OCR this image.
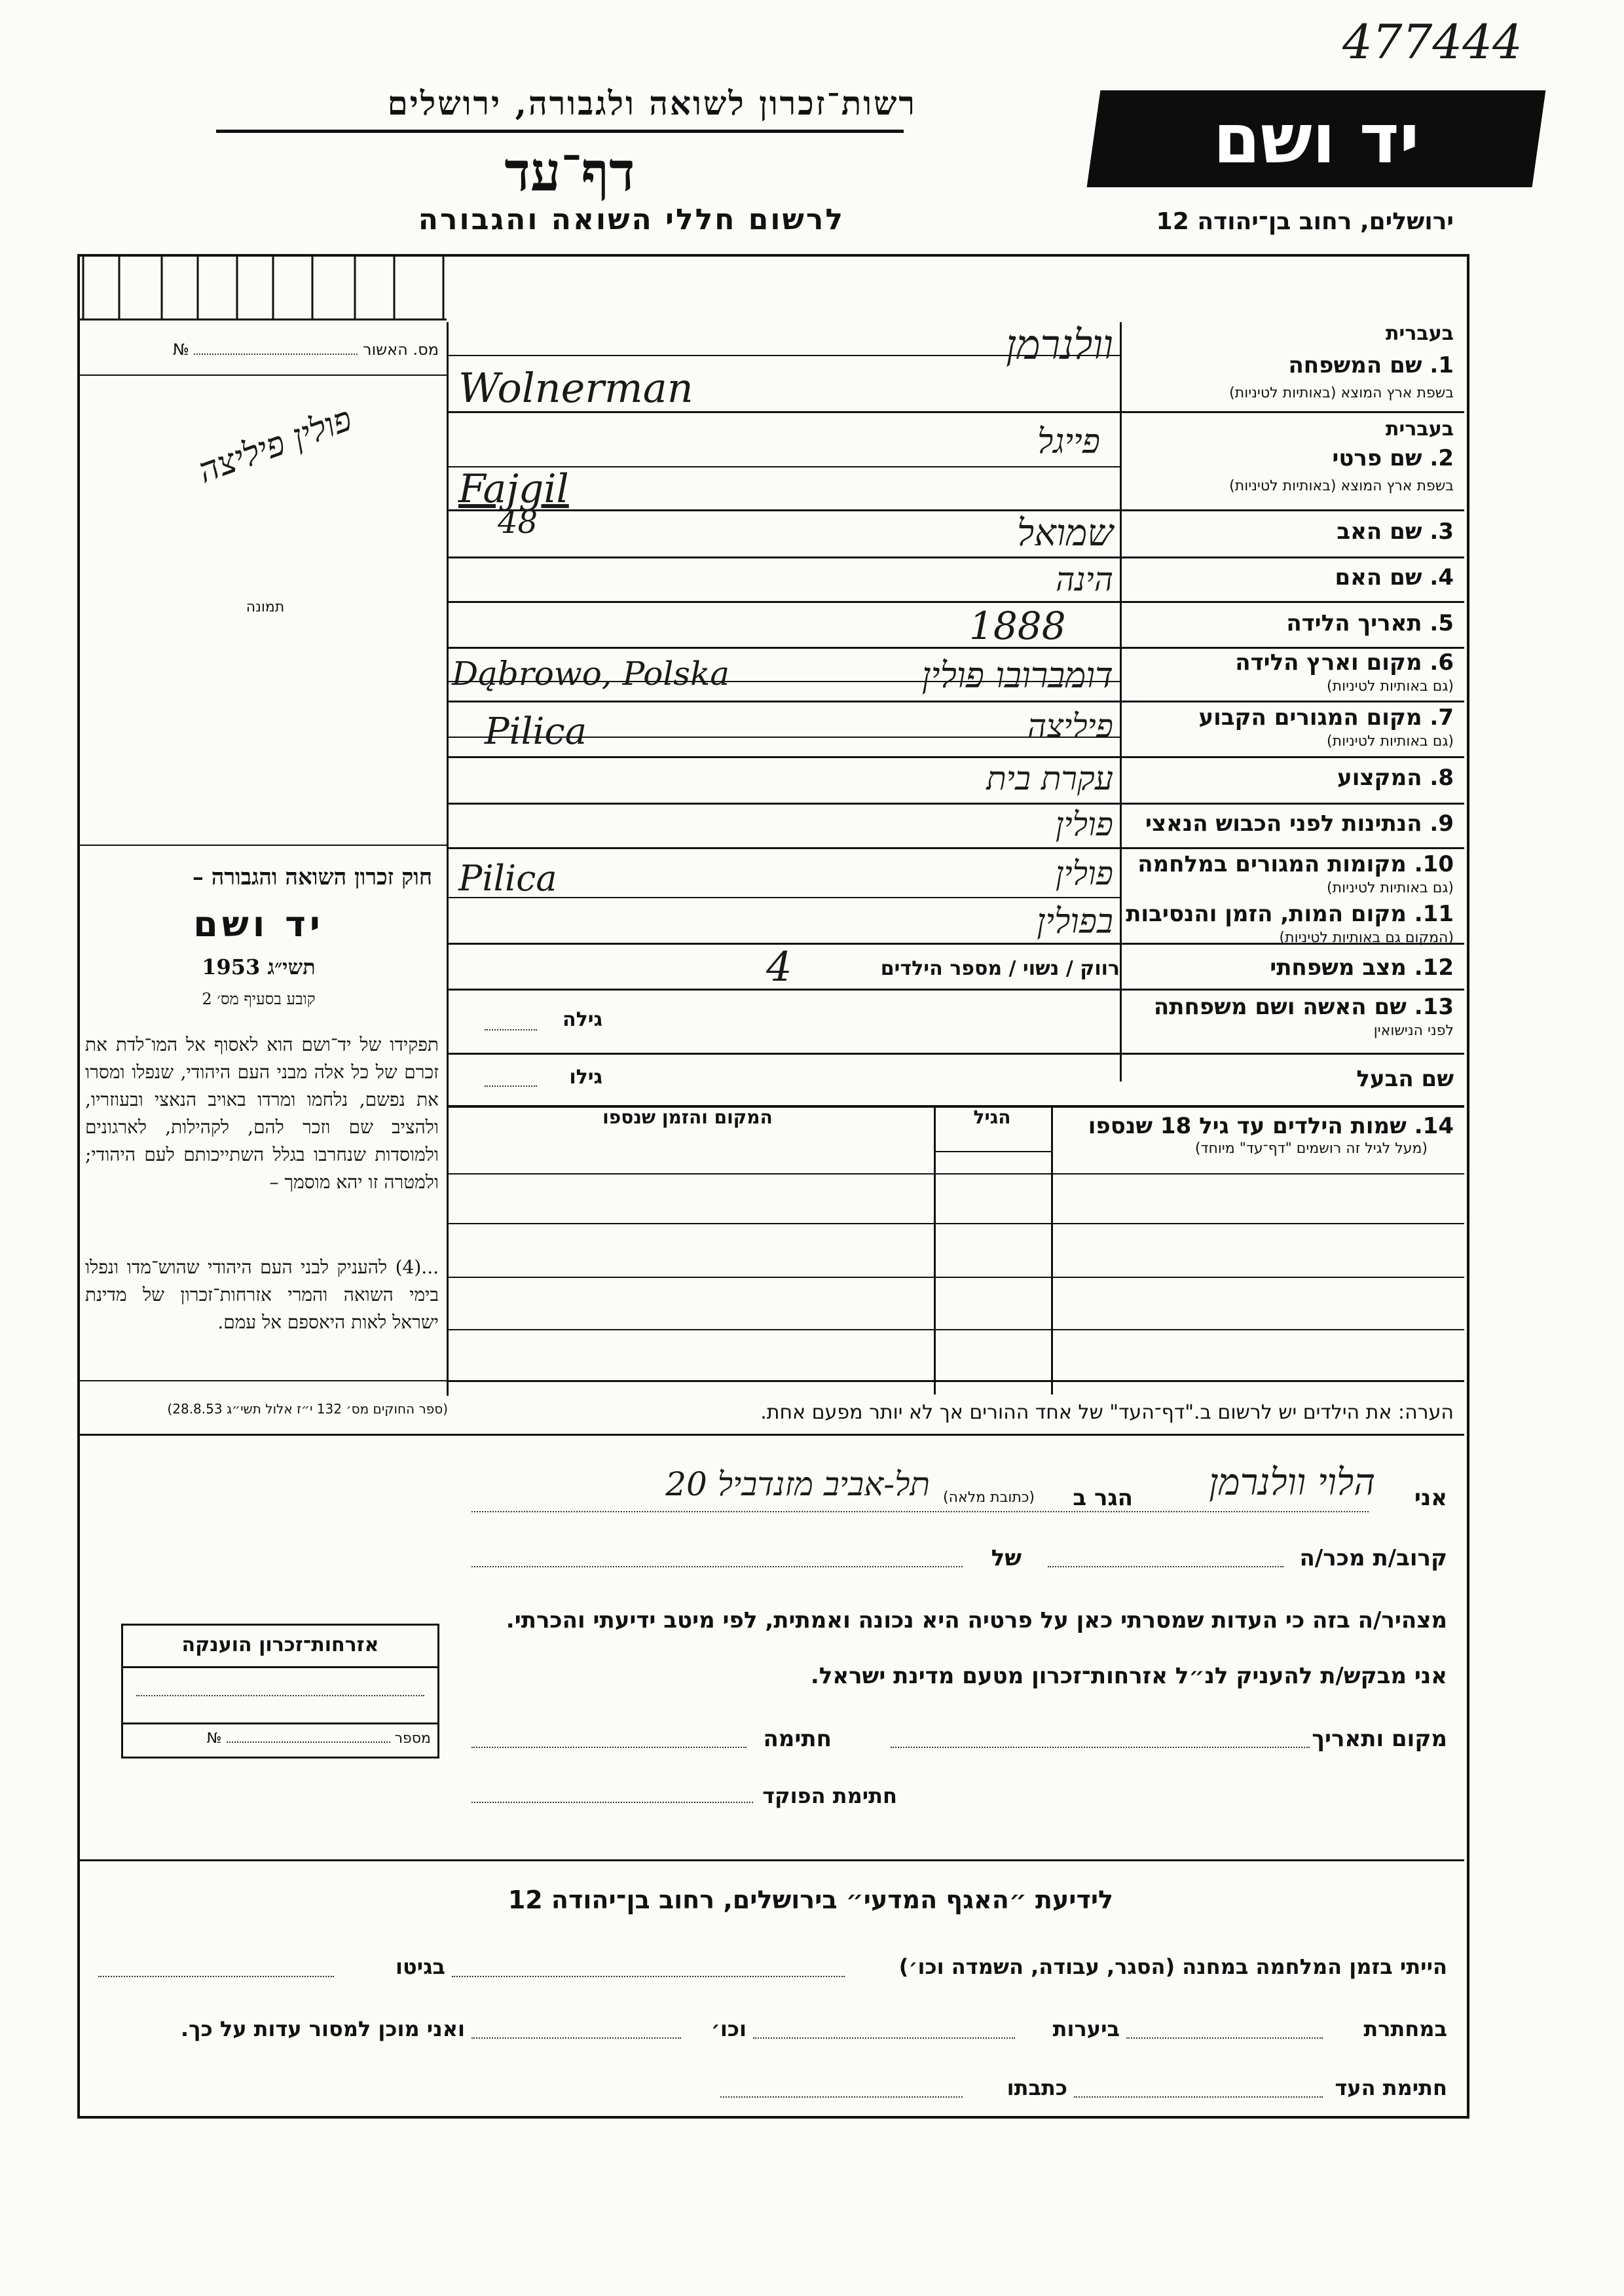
477444
רשות־זכרון לשואה ולגבורה, ירושלים
דף־עד
לרשום חללי השואה והגבורה
יד ושם
ירושלים, רחוב בן־יהודה 12
מס. האשור  №
פולין פיליצה
תמונה
חוק זכרון השואה והגבורה –
יד ושם
תשי״ג 1953
קובע בסעיף מס׳ 2
תפקידו של יד־ושם הוא לאסוף אל המו־לדת את זכרם של כל אלה מבני העם היהודי, שנפלו ומסרו את נפשם, נלחמו ומרדו באויב הנאצי ובעוזריו, ולהציב שם וזכר להם, לקהילות, לארגונים ולמוסדות שנחרבו בגלל השתייכותם לעם היהודי; ולמטרה זו יהא מוסמך –
...(4) להעניק לבני העם היהודי שהוש־מדו ונפלו בימי השואה והמרי אזרחות־זכרון של מדינת ישראל לאות היאספם אל עמם.
(ספר החוקים מס׳ 132 י״ז אלול תשי״ג 28.8.53)
בעברית
1. שם המשפחה
בשפת ארץ המוצא (באותיות לטיניות)
וולנרמן
Wolnerman
בעברית
2. שם פרטי
בשפת ארץ המוצא (באותיות לטיניות)
פייגל
Fajgil
3. שם האב
שמואל
48
4. שם האם
הינה
5. תאריך הלידה
1888
6. מקום וארץ הלידה
(גם באותיות לטיניות)
דומברובו פולין
Dąbrowo, Polska
7. מקום המגורים הקבוע
(גם באותיות לטיניות)
פיליצה
Pilica
8. המקצוע
עקרת בית
9. הנתינות לפני הכבוש הנאצי
פולין
10. מקומות המגורים במלחמה
(גם באותיות לטיניות)
פולין
Pilica
11. מקום המות, הזמן והנסיבות
(המקום גם באותיות לטיניות)
בפולין
12. מצב משפחתי
רווק / נשוי / מספר הילדים
4
13. שם האשה ושם משפחתה
לפני הנישואין
גילה
שם הבעל
גילו
14. שמות הילדים עד גיל 18 שנספו
(מעל לגיל זה רושמים "דף־עד" מיוחד)
הגיל
המקום והזמן שנספו
הערה: את הילדים יש לרשום ב."דף־העד" של אחד ההורים אך לא יותר מפעם אחת.
אני
הלוי וולנרמן
הגר ב
(כתובת מלאה)
תל-אביב מזנדביל 20
קרוב/ת מכר/ה
של
מצהיר/ה בזה כי העדות שמסרתי כאן על פרטיה היא נכונה ואמתית, לפי מיטב ידיעתי והכרתי.
אני מבקש/ת להעניק לנ״ל אזרחות־זכרון מטעם מדינת ישראל.
מקום ותאריך
חתימה
חתימת הפוקד
אזרחות־זכרון הוענקה
מספר  №
לידיעת ״האגף המדעי״ בירושלים, רחוב בן־יהודה 12
הייתי בזמן המלחמה במחנה (הסגר, עבודה, השמדה וכו׳)
בגיטו
במחתרת
ביערות
וכו׳
ואני מוכן למסור עדות על כך.
חתימת העד
כתבתו
